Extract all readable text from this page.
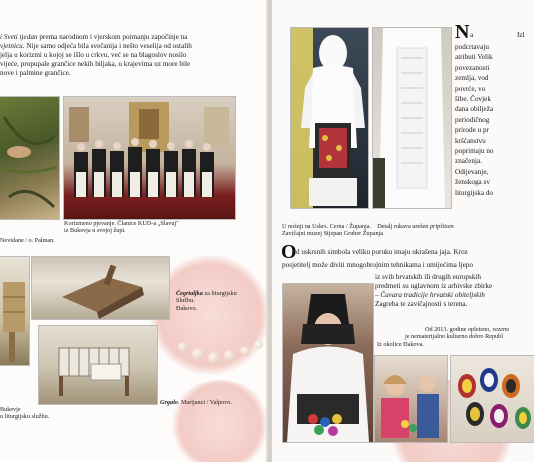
i Sveti tjedan prema narodnom i vjerskom poimanju započinje na
vjetnicu. Nije samo odjeća bila svečanija i nešto veselija od ostalih
jelja u korizmi u kojoj se išlo u crkvu, već se na blagoslov nosilo
vijeće, propupale grančice nekih biljaka, u krajevima uz more bile
nove i palmine grančice.
Korizmeno pjevanje. Članice KUD-a „Slavuj"
iz Bukevja u svojoj župi.
Nevidane / o. Palman.
Čegrtaljka za liturgijsku
Službu.
Đakovo.
Grgalo. Marijanci / Valpovo.
Bukevje
u liturgijsku službu.
N a	Izl
podcrtavaju
atributi Velik
povezanosti
zemlja, vod
povrće, vo
šibe. Čovjek
dana obilježa
periodičnog
prirode u pr
kršćanstvu
poprimaju no
značenja.
Odijevanje,
ženskoga sv
liturgijska do
U nošnji na Uskrs. Cerna / Županja. Detalj rukava urešen pripšitom
Zavičajni muzej Stjepan Gruber Županja
O d uskrsnih simbola veliku poruku imaju ukrašena jaja. Kroz
posjetitelj može diviti mnogobrojnim tehnikama i umijećima ljepo
iz svih hrvatskih ili drugih europskih
predmeti su uglavnom iz arhivske zbirke
– Čuvara tradicije hrvatski obiteljskih
Zagreba te zavičajnosti s terena.
Od 2013. godine opleteno, vezeno
je nematerijalno kulturno dobro Republ
Iz okolice Đakova.
